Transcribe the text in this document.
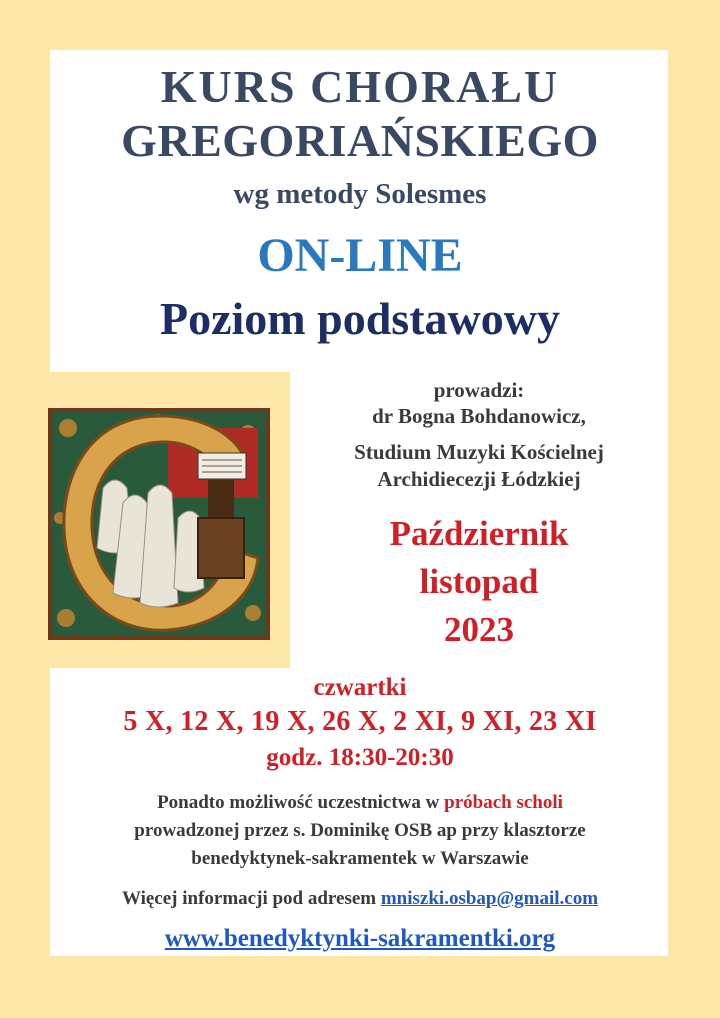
KURS CHORAŁU
GREGORIAŃSKIEGO
wg metody Solesmes
ON-LINE
Poziom podstawowy
prowadzi:
dr Bogna Bohdanowicz,
Studium Muzyki Kościelnej
Archidiecezji Łódzkiej
Październik
listopad
2023
czwartki
5 X, 12 X, 19 X, 26 X, 2 XI, 9 XI, 23 XI
godz. 18:30-20:30
Ponadto możliwość uczestnictwa w próbach scholi
prowadzonej przez s. Dominikę OSB ap przy klasztorze
benedyktynek-sakramentek w Warszawie
Więcej informacji pod adresem mniszki.osbap@gmail.com
www.benedyktynki-sakramentki.org
